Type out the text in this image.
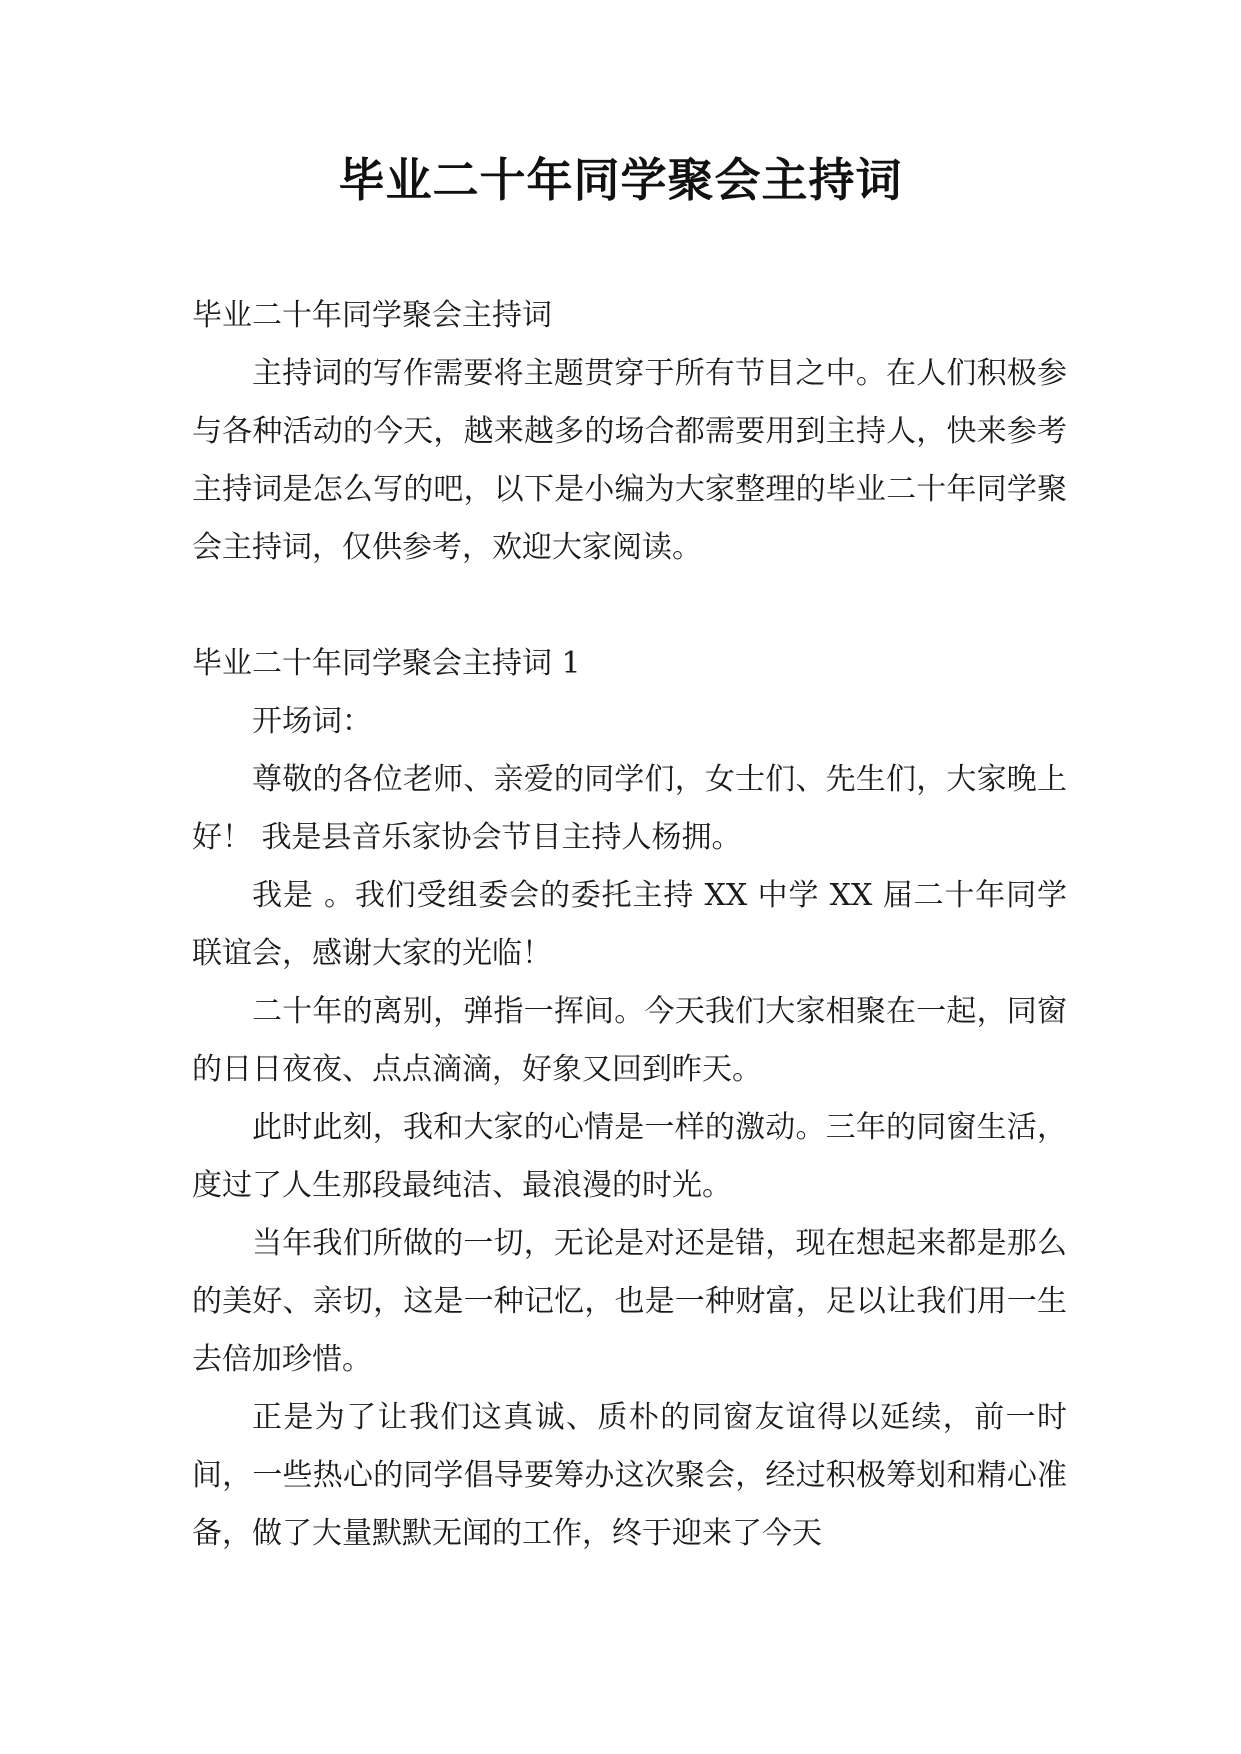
毕业二十年同学聚会主持词

毕业二十年同学聚会主持词

主持词的写作需要将主题贯穿于所有节目之中。在人们积极参与各种活动的今天，越来越多的场合都需要用到主持人，快来参考主持词是怎么写的吧，以下是小编为大家整理的毕业二十年同学聚会主持词，仅供参考，欢迎大家阅读。

毕业二十年同学聚会主持词 1

开场词：

尊敬的各位老师、亲爱的同学们，女士们、先生们，大家晚上好！ 我是县音乐家协会节目主持人杨拥。

我是 。我们受组委会的委托主持 XX 中学 XX 届二十年同学联谊会，感谢大家的光临！

二十年的离别，弹指一挥间。今天我们大家相聚在一起，同窗的日日夜夜、点点滴滴，好象又回到昨天。

此时此刻，我和大家的心情是一样的激动。三年的同窗生活，度过了人生那段最纯洁、最浪漫的时光。

当年我们所做的一切，无论是对还是错，现在想起来都是那么的美好、亲切，这是一种记忆，也是一种财富，足以让我们用一生去倍加珍惜。

正是为了让我们这真诚、质朴的同窗友谊得以延续，前一时间，一些热心的同学倡导要筹办这次聚会，经过积极筹划和精心准备，做了大量默默无闻的工作，终于迎来了今天
